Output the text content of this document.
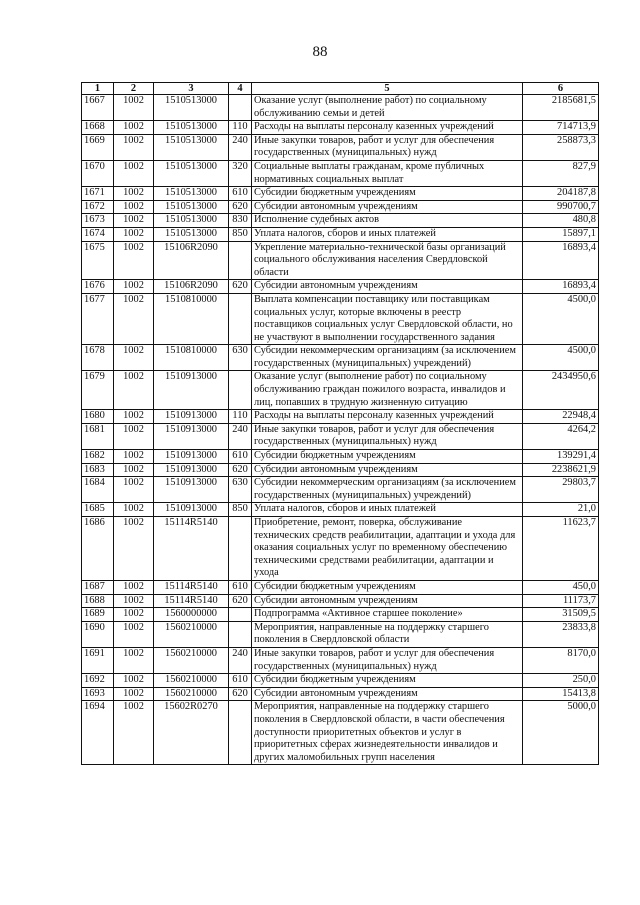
88
1	2	3	4	5	6
1667	1002	1510513000		Оказание услуг (выполнение работ) по социальному обслуживанию семьи и детей	2185681,5
1668	1002	1510513000	110	Расходы на выплаты персоналу казенных учреждений	714713,9
1669	1002	1510513000	240	Иные закупки товаров, работ и услуг для обеспечения государственных (муниципальных) нужд	258873,3
1670	1002	1510513000	320	Социальные выплаты гражданам, кроме публичных нормативных социальных выплат	827,9
1671	1002	1510513000	610	Субсидии бюджетным учреждениям	204187,8
1672	1002	1510513000	620	Субсидии автономным учреждениям	990700,7
1673	1002	1510513000	830	Исполнение судебных актов	480,8
1674	1002	1510513000	850	Уплата налогов, сборов и иных платежей	15897,1
1675	1002	15106R2090		Укрепление материально-технической базы организаций социального обслуживания населения Свердловской области	16893,4
1676	1002	15106R2090	620	Субсидии автономным учреждениям	16893,4
1677	1002	1510810000		Выплата компенсации поставщику или поставщикам социальных услуг, которые включены в реестр поставщиков социальных услуг Свердловской области, но не участвуют в выполнении государственного задания	4500,0
1678	1002	1510810000	630	Субсидии некоммерческим организациям (за исключением государственных (муниципальных) учреждений)	4500,0
1679	1002	1510913000		Оказание услуг (выполнение работ) по социальному обслуживанию граждан пожилого возраста, инвалидов и лиц, попавших в трудную жизненную ситуацию	2434950,6
1680	1002	1510913000	110	Расходы на выплаты персоналу казенных учреждений	22948,4
1681	1002	1510913000	240	Иные закупки товаров, работ и услуг для обеспечения государственных (муниципальных) нужд	4264,2
1682	1002	1510913000	610	Субсидии бюджетным учреждениям	139291,4
1683	1002	1510913000	620	Субсидии автономным учреждениям	2238621,9
1684	1002	1510913000	630	Субсидии некоммерческим организациям (за исключением государственных (муниципальных) учреждений)	29803,7
1685	1002	1510913000	850	Уплата налогов, сборов и иных платежей	21,0
1686	1002	15114R5140		Приобретение, ремонт, поверка, обслуживание технических средств реабилитации, адаптации и ухода для оказания социальных услуг по временному обеспечению техническими средствами реабилитации, адаптации и ухода	11623,7
1687	1002	15114R5140	610	Субсидии бюджетным учреждениям	450,0
1688	1002	15114R5140	620	Субсидии автономным учреждениям	11173,7
1689	1002	1560000000		Подпрограмма «Активное старшее поколение»	31509,5
1690	1002	1560210000		Мероприятия, направленные на поддержку старшего поколения в Свердловской области	23833,8
1691	1002	1560210000	240	Иные закупки товаров, работ и услуг для обеспечения государственных (муниципальных) нужд	8170,0
1692	1002	1560210000	610	Субсидии бюджетным учреждениям	250,0
1693	1002	1560210000	620	Субсидии автономным учреждениям	15413,8
1694	1002	15602R0270		Мероприятия, направленные на поддержку старшего поколения в Свердловской области, в части обеспечения доступности приоритетных объектов и услуг в приоритетных сферах жизнедеятельности инвалидов и других маломобильных групп населения	5000,0
